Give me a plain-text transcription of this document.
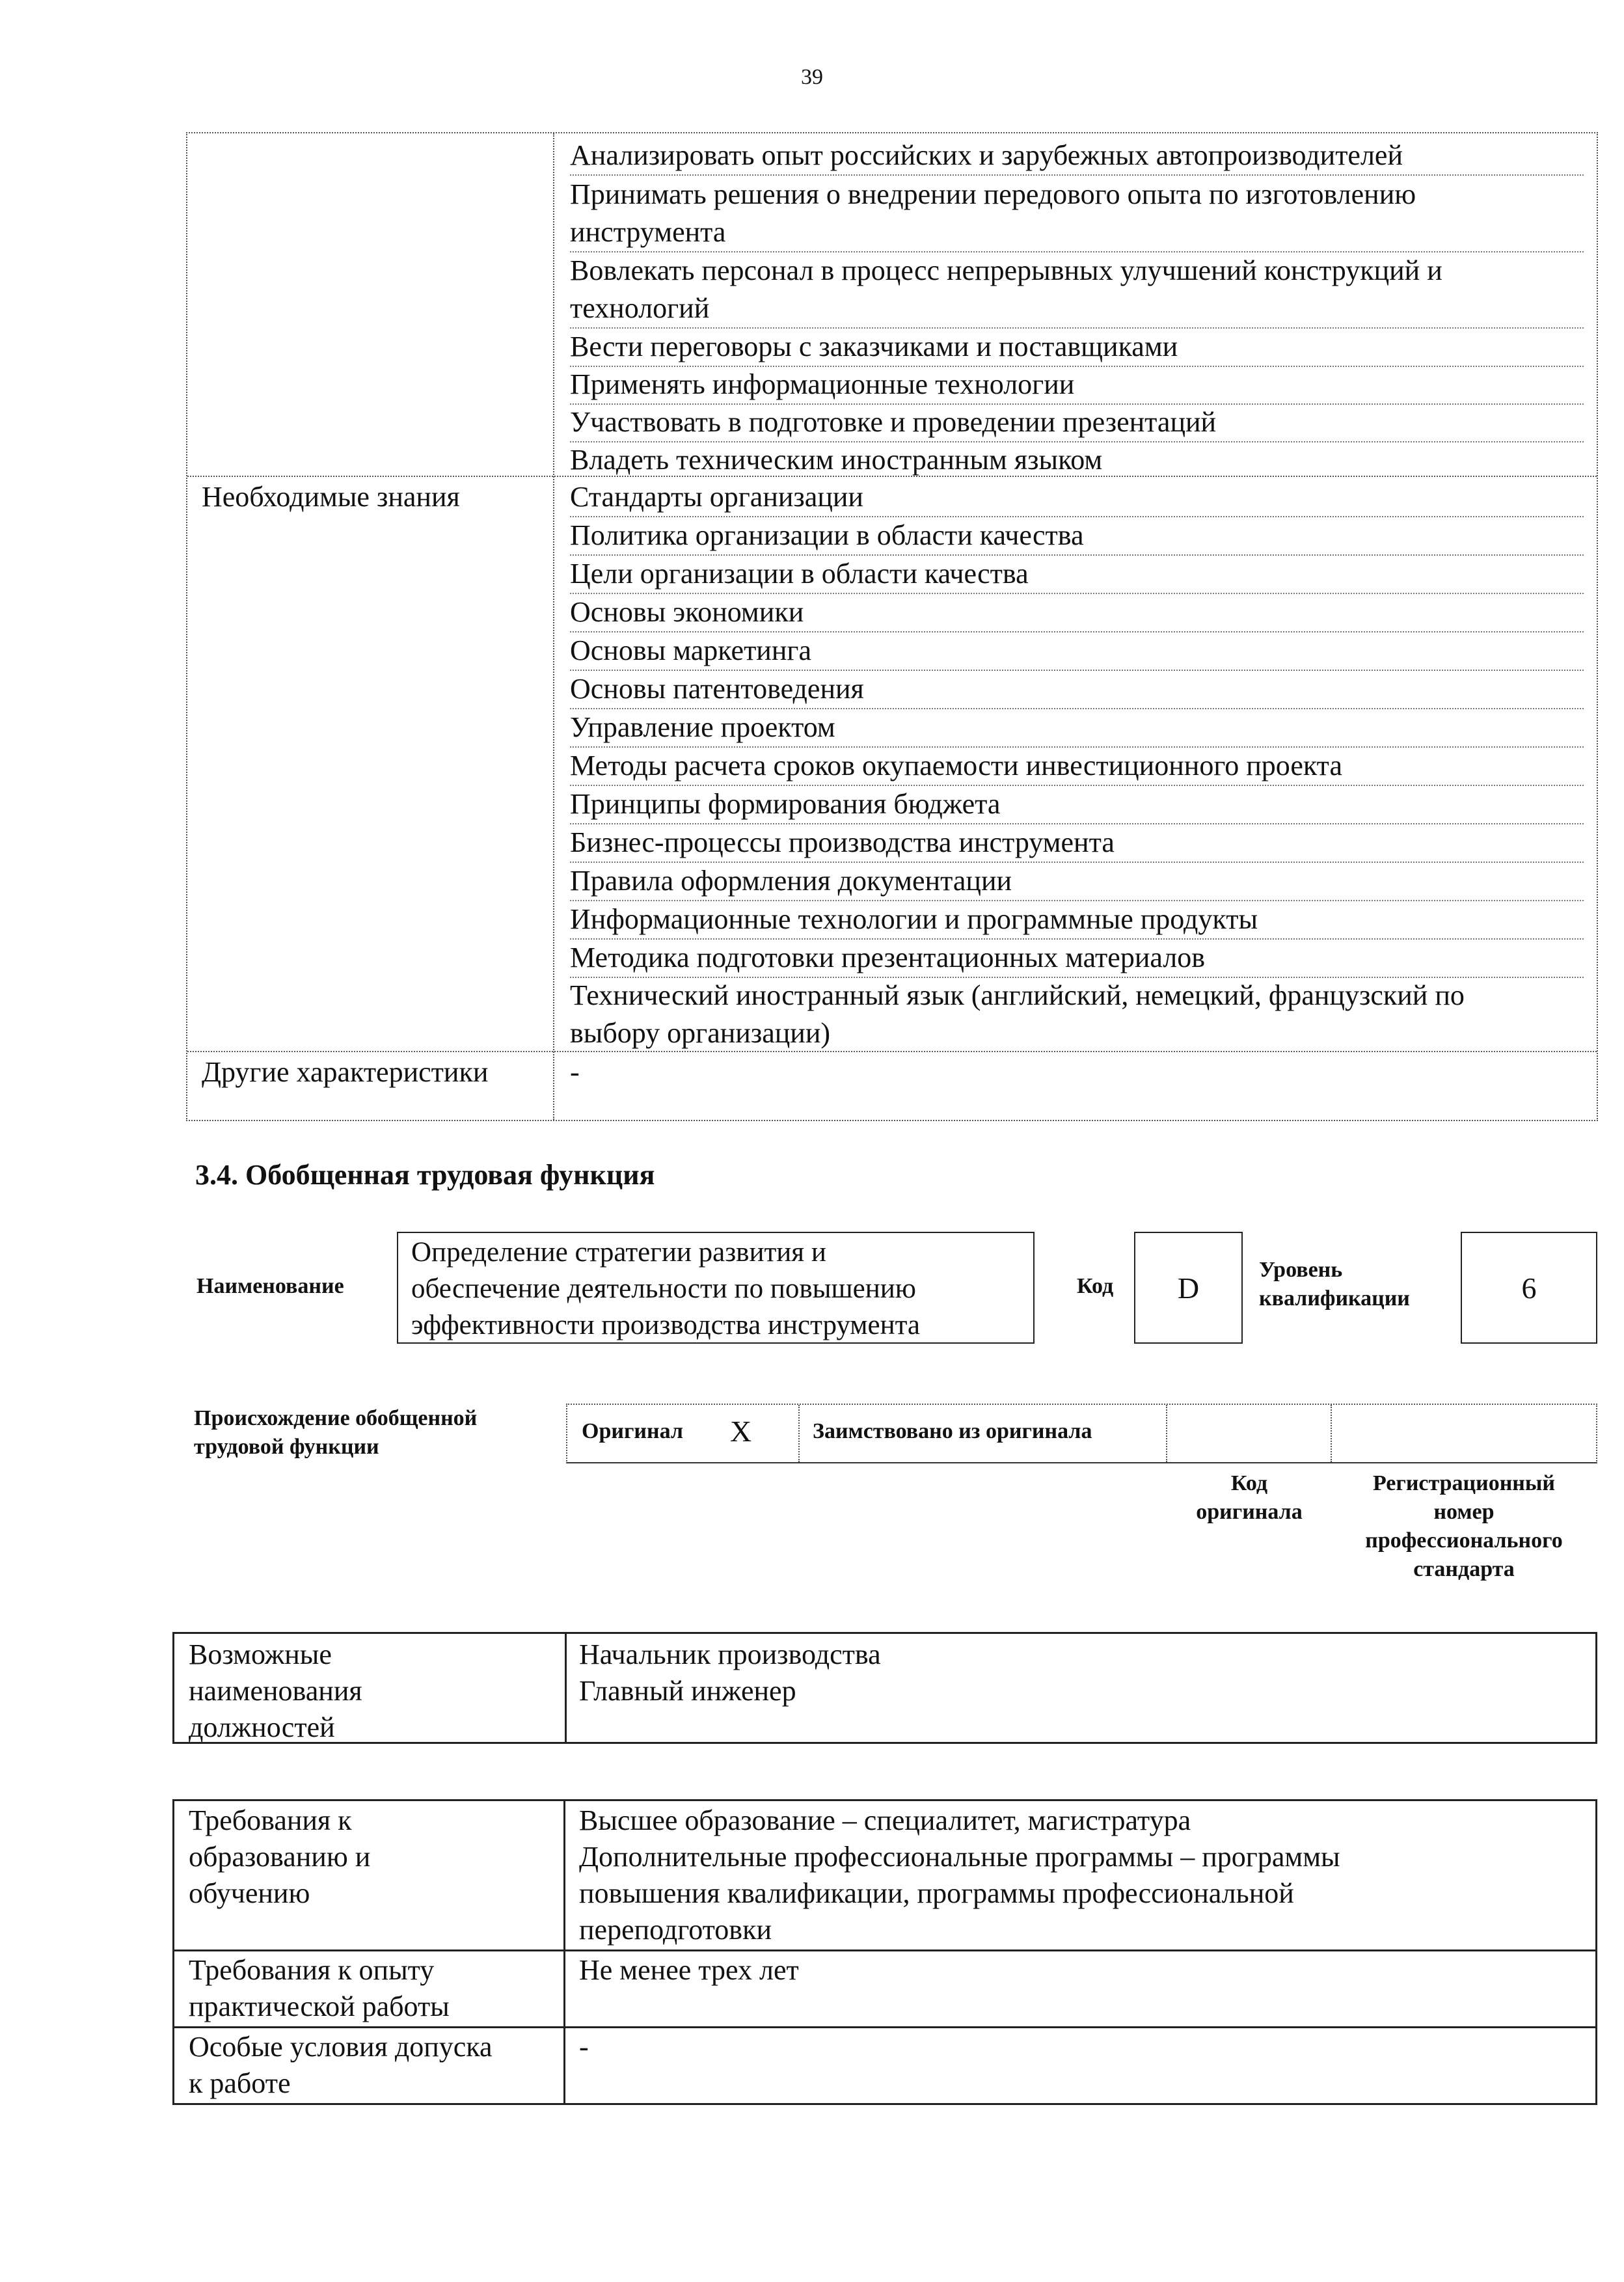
39
Необходимые знания
Другие характеристики
Анализировать опыт российских и зарубежных автопроизводителей
Принимать решения о внедрении передового опыта по изготовлению
инструмента
Вовлекать персонал в процесс непрерывных улучшений конструкций и
технологий
Вести переговоры с заказчиками и поставщиками
Применять информационные технологии
Участвовать в подготовке и проведении презентаций
Владеть техническим иностранным языком
Стандарты организации
Политика организации в области качества
Цели организации в области качества
Основы экономики
Основы маркетинга
Основы патентоведения
Управление проектом
Методы расчета сроков окупаемости инвестиционного проекта
Принципы формирования бюджета
Бизнес-процессы производства инструмента
Правила оформления документации
Информационные технологии и программные продукты
Методика подготовки презентационных материалов
Технический иностранный язык (английский, немецкий, французский по
выбору организации)
-
3.4. Обобщенная трудовая функция
Наименование
Определение стратегии развития и
обеспечение деятельности по повышению
эффективности производства инструмента
Код D
Уровень
квалификации	6
Происхождение обобщенной
трудовой функции
Оригинал X	Заимствовано из оригинала
Код
оригинала
Регистрационный
номер
профессионального
стандарта
Возможные
наименования
должностей
Начальник производства
Главный инженер
Требования к
образованию и
обучению
Высшее образование – специалитет, магистратура
Дополнительные профессиональные программы – программы
повышения квалификации, программы профессиональной
переподготовки
Требования к опыту
практической работы
Не менее трех лет
Особые условия допуска
к работе
-
